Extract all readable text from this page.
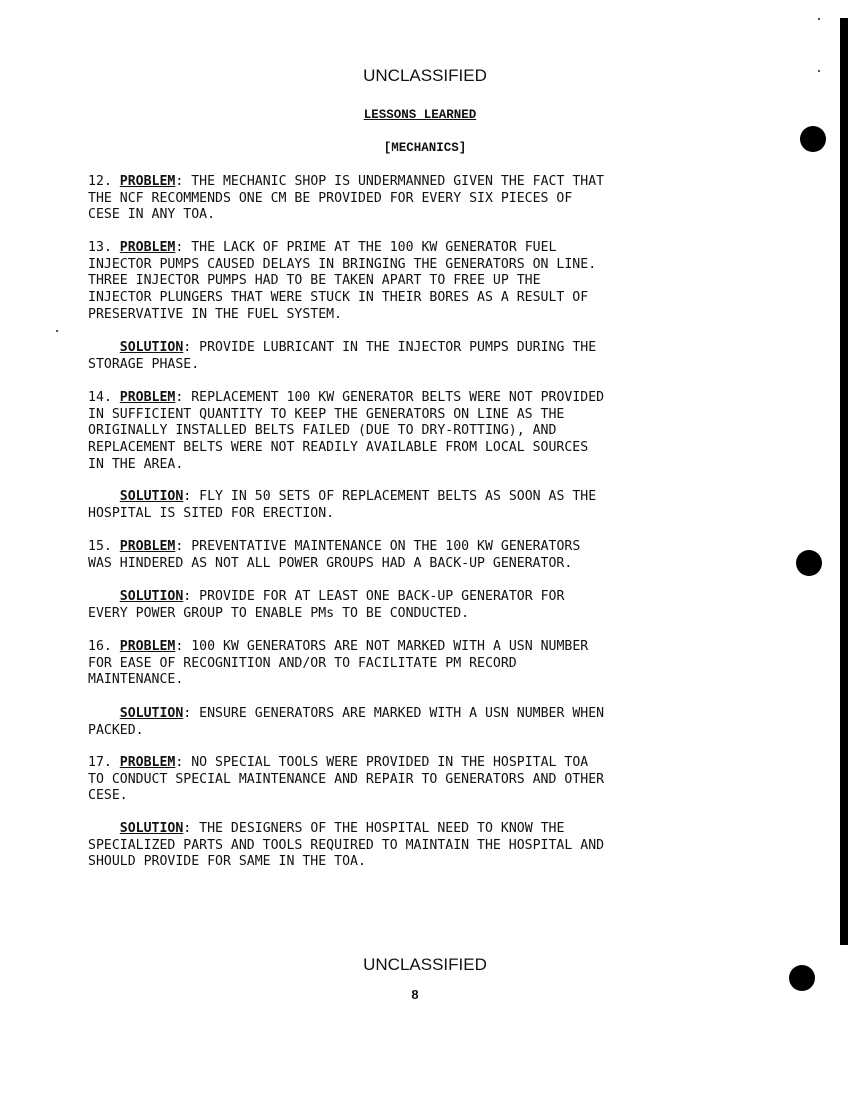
UNCLASSIFIED
LESSONS LEARNED
[MECHANICS]
12. PROBLEM: THE MECHANIC SHOP IS UNDERMANNED GIVEN THE FACT THAT
THE NCF RECOMMENDS ONE CM BE PROVIDED FOR EVERY SIX PIECES OF
CESE IN ANY TOA.
13. PROBLEM: THE LACK OF PRIME AT THE 100 KW GENERATOR FUEL
INJECTOR PUMPS CAUSED DELAYS IN BRINGING THE GENERATORS ON LINE.
THREE INJECTOR PUMPS HAD TO BE TAKEN APART TO FREE UP THE
INJECTOR PLUNGERS THAT WERE STUCK IN THEIR BORES AS A RESULT OF
PRESERVATIVE IN THE FUEL SYSTEM.
SOLUTION: PROVIDE LUBRICANT IN THE INJECTOR PUMPS DURING THE
STORAGE PHASE.
14. PROBLEM: REPLACEMENT 100 KW GENERATOR BELTS WERE NOT PROVIDED
IN SUFFICIENT QUANTITY TO KEEP THE GENERATORS ON LINE AS THE
ORIGINALLY INSTALLED BELTS FAILED (DUE TO DRY-ROTTING), AND
REPLACEMENT BELTS WERE NOT READILY AVAILABLE FROM LOCAL SOURCES
IN THE AREA.
SOLUTION: FLY IN 50 SETS OF REPLACEMENT BELTS AS SOON AS THE
HOSPITAL IS SITED FOR ERECTION.
15. PROBLEM: PREVENTATIVE MAINTENANCE ON THE 100 KW GENERATORS
WAS HINDERED AS NOT ALL POWER GROUPS HAD A BACK-UP GENERATOR.
SOLUTION: PROVIDE FOR AT LEAST ONE BACK-UP GENERATOR FOR
EVERY POWER GROUP TO ENABLE PMs TO BE CONDUCTED.
16. PROBLEM: 100 KW GENERATORS ARE NOT MARKED WITH A USN NUMBER
FOR EASE OF RECOGNITION AND/OR TO FACILITATE PM RECORD
MAINTENANCE.
SOLUTION: ENSURE GENERATORS ARE MARKED WITH A USN NUMBER WHEN
PACKED.
17. PROBLEM: NO SPECIAL TOOLS WERE PROVIDED IN THE HOSPITAL TOA
TO CONDUCT SPECIAL MAINTENANCE AND REPAIR TO GENERATORS AND OTHER
CESE.
SOLUTION: THE DESIGNERS OF THE HOSPITAL NEED TO KNOW THE
SPECIALIZED PARTS AND TOOLS REQUIRED TO MAINTAIN THE HOSPITAL AND
SHOULD PROVIDE FOR SAME IN THE TOA.
UNCLASSIFIED
8
